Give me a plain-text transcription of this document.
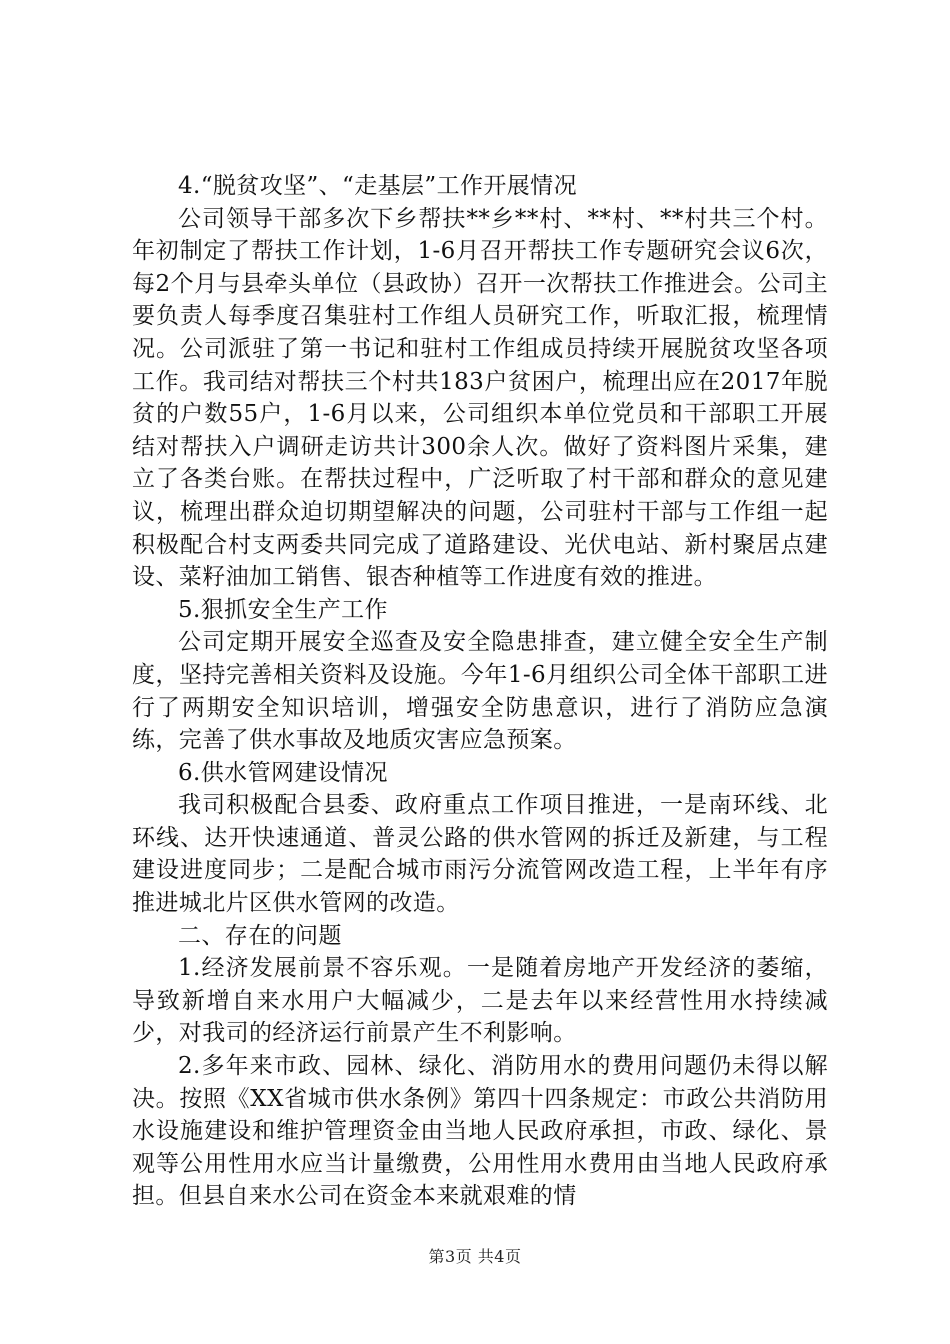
4.“脱贫攻坚”、“走基层”工作开展情况

公司领导干部多次下乡帮扶**乡**村、**村、**村共三个村。年初制定了帮扶工作计划，1-6月召开帮扶工作专题研究会议6次，每2个月与县牵头单位（县政协）召开一次帮扶工作推进会。公司主要负责人每季度召集驻村工作组人员研究工作，听取汇报，梳理情况。公司派驻了第一书记和驻村工作组成员持续开展脱贫攻坚各项工作。我司结对帮扶三个村共183户贫困户，梳理出应在2017年脱贫的户数55户，1-6月以来，公司组织本单位党员和干部职工开展结对帮扶入户调研走访共计300余人次。做好了资料图片采集，建立了各类台账。在帮扶过程中，广泛听取了村干部和群众的意见建议，梳理出群众迫切期望解决的问题，公司驻村干部与工作组一起积极配合村支两委共同完成了道路建设、光伏电站、新村聚居点建设、菜籽油加工销售、银杏种植等工作进度有效的推进。

5.狠抓安全生产工作

公司定期开展安全巡查及安全隐患排查，建立健全安全生产制度，坚持完善相关资料及设施。今年1-6月组织公司全体干部职工进行了两期安全知识培训，增强安全防患意识，进行了消防应急演练，完善了供水事故及地质灾害应急预案。

6.供水管网建设情况

我司积极配合县委、政府重点工作项目推进，一是南环线、北环线、达开快速通道、普灵公路的供水管网的拆迁及新建，与工程建设进度同步；二是配合城市雨污分流管网改造工程，上半年有序推进城北片区供水管网的改造。

二、存在的问题

1.经济发展前景不容乐观。一是随着房地产开发经济的萎缩，导致新增自来水用户大幅减少，二是去年以来经营性用水持续减少，对我司的经济运行前景产生不利影响。

2.多年来市政、园林、绿化、消防用水的费用问题仍未得以解决。按照《XX省城市供水条例》第四十四条规定：市政公共消防用水设施建设和维护管理资金由当地人民政府承担，市政、绿化、景观等公用性用水应当计量缴费，公用性用水费用由当地人民政府承担。但县自来水公司在资金本来就艰难的情

第3页 共4页
